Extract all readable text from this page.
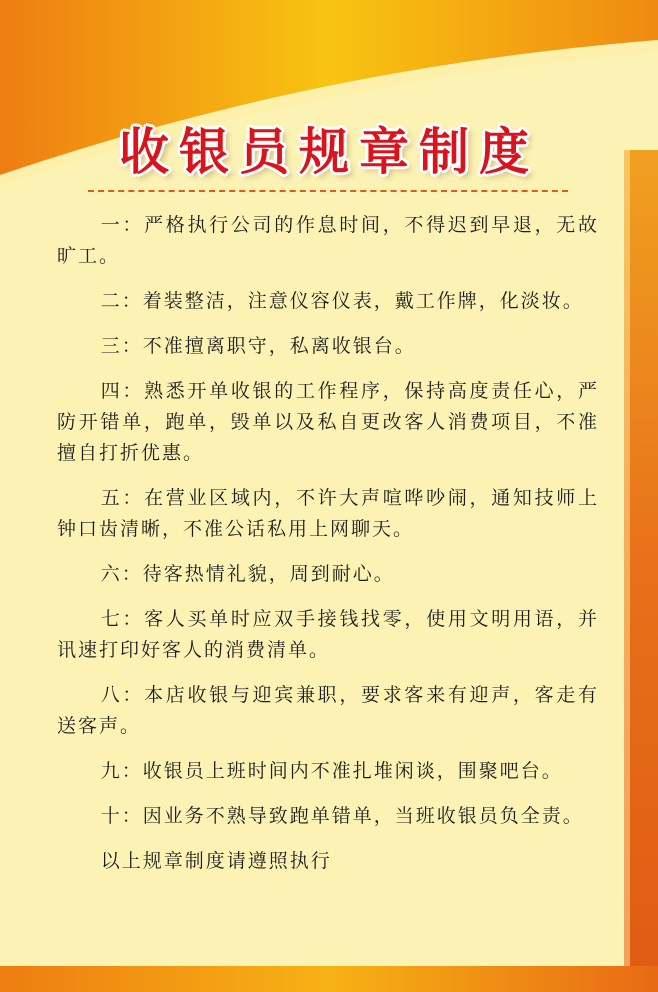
收银员规章制度

一：严格执行公司的作息时间，不得迟到早退，无故旷工。

二：着装整洁，注意仪容仪表，戴工作牌，化淡妆。

三：不准擅离职守，私离收银台。

四：熟悉开单收银的工作程序，保持高度责任心，严防开错单，跑单，毁单以及私自更改客人消费项目，不准擅自打折优惠。

五：在营业区域内，不许大声喧哗吵闹，通知技师上钟口齿清晰，不准公话私用上网聊天。

六：待客热情礼貌，周到耐心。

七：客人买单时应双手接钱找零，使用文明用语，并讯速打印好客人的消费清单。

八：本店收银与迎宾兼职，要求客来有迎声，客走有送客声。

九：收银员上班时间内不准扎堆闲谈，围聚吧台。

十：因业务不熟导致跑单错单，当班收银员负全责。

以上规章制度请遵照执行
